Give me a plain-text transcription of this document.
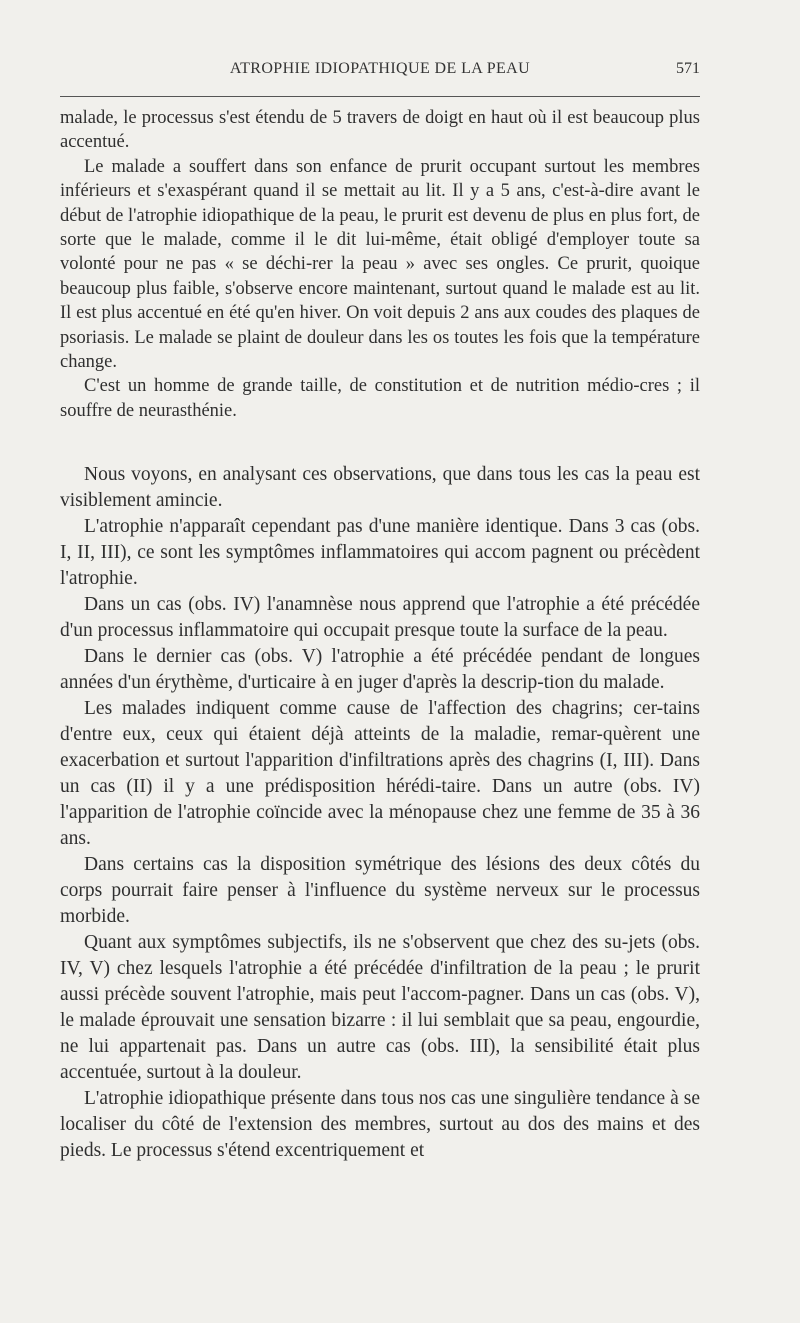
ATROPHIE IDIOPATHIQUE DE LA PEAU	571

malade, le processus s'est étendu de 5 travers de doigt en haut où il est beaucoup plus accentué.

Le malade a souffert dans son enfance de prurit occupant surtout les membres inférieurs et s'exaspérant quand il se mettait au lit. Il y a 5 ans, c'est-à-dire avant le début de l'atrophie idiopathique de la peau, le prurit est devenu de plus en plus fort, de sorte que le malade, comme il le dit lui-même, était obligé d'employer toute sa volonté pour ne pas « se déchi-rer la peau » avec ses ongles. Ce prurit, quoique beaucoup plus faible, s'observe encore maintenant, surtout quand le malade est au lit. Il est plus accentué en été qu'en hiver. On voit depuis 2 ans aux coudes des plaques de psoriasis. Le malade se plaint de douleur dans les os toutes les fois que la température change.

C'est un homme de grande taille, de constitution et de nutrition médio-cres ; il souffre de neurasthénie.

Nous voyons, en analysant ces observations, que dans tous les cas la peau est visiblement amincie.

L'atrophie n'apparaît cependant pas d'une manière identique. Dans 3 cas (obs. I, II, III), ce sont les symptômes inflammatoires qui accom pagnent ou précèdent l'atrophie.

Dans un cas (obs. IV) l'anamnèse nous apprend que l'atrophie a été précédée d'un processus inflammatoire qui occupait presque toute la surface de la peau.

Dans le dernier cas (obs. V) l'atrophie a été précédée pendant de longues années d'un érythème, d'urticaire à en juger d'après la descrip-tion du malade.

Les malades indiquent comme cause de l'affection des chagrins; cer-tains d'entre eux, ceux qui étaient déjà atteints de la maladie, remar-quèrent une exacerbation et surtout l'apparition d'infiltrations après des chagrins (I, III). Dans un cas (II) il y a une prédisposition hérédi-taire. Dans un autre (obs. IV) l'apparition de l'atrophie coïncide avec la ménopause chez une femme de 35 à 36 ans.

Dans certains cas la disposition symétrique des lésions des deux côtés du corps pourrait faire penser à l'influence du système nerveux sur le processus morbide.

Quant aux symptômes subjectifs, ils ne s'observent que chez des su-jets (obs. IV, V) chez lesquels l'atrophie a été précédée d'infiltration de la peau ; le prurit aussi précède souvent l'atrophie, mais peut l'accom-pagner. Dans un cas (obs. V), le malade éprouvait une sensation bizarre : il lui semblait que sa peau, engourdie, ne lui appartenait pas. Dans un autre cas (obs. III), la sensibilité était plus accentuée, surtout à la douleur.

L'atrophie idiopathique présente dans tous nos cas une singulière tendance à se localiser du côté de l'extension des membres, surtout au dos des mains et des pieds. Le processus s'étend excentriquement et
